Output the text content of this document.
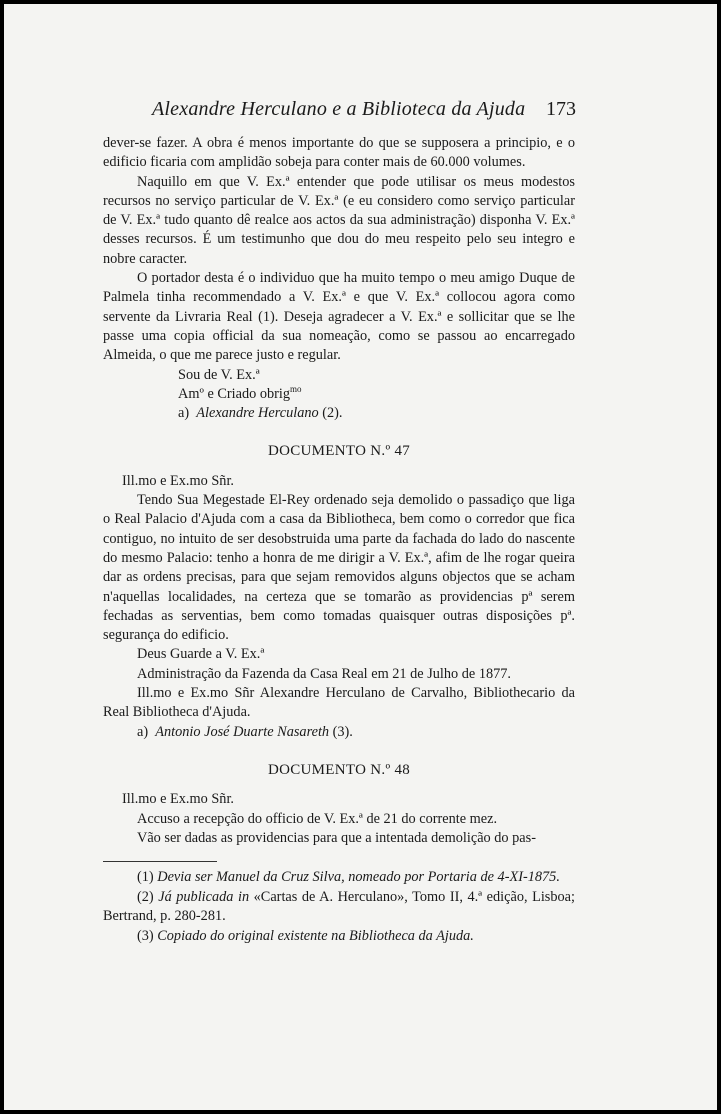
Alexandre Herculano e a Biblioteca da Ajuda 173

dever-se fazer. A obra é menos importante do que se supposera a principio, e o edificio ficaria com amplidão sobeja para conter mais de 60.000 volumes.

Naquillo em que V. Ex.ª entender que pode utilisar os meus modestos recursos no serviço particular de V. Ex.ª (e eu considero como serviço particular de V. Ex.ª tudo quanto dê realce aos actos da sua administração) disponha V. Ex.ª desses recursos. É um testimunho que dou do meu respeito pelo seu integro e nobre caracter.

O portador desta é o individuo que ha muito tempo o meu amigo Duque de Palmela tinha recommendado a V. Ex.ª e que V. Ex.ª collocou agora como servente da Livraria Real (1). Deseja agradecer a V. Ex.ª e sollicitar que se lhe passe uma copia official da sua nomeação, como se passou ao encarregado Almeida, o que me parece justo e regular.

Sou de V. Ex.ª

Amº e Criado obrig$^{mo}$

a) Alexandre Herculano (2).

DOCUMENTO N.º 47

Ill.mo e Ex.mo Sñr.

Tendo Sua Megestade El-Rey ordenado seja demolido o passadiço que liga o Real Palacio d'Ajuda com a casa da Bibliotheca, bem como o corredor que fica contiguo, no intuito de ser desobstruida uma parte da fachada do lado do nascente do mesmo Palacio: tenho a honra de me dirigir a V. Ex.ª, afim de lhe rogar queira dar as ordens precisas, para que sejam removidos alguns objectos que se acham n'aquellas localidades, na certeza que se tomarão as providencias pª serem fechadas as serventias, bem como tomadas quaisquer outras disposições pª. segurança do edificio.

Deus Guarde a V. Ex.ª

Administração da Fazenda da Casa Real em 21 de Julho de 1877.

Ill.mo e Ex.mo Sñr Alexandre Herculano de Carvalho, Bibliothecario da Real Bibliotheca d'Ajuda.

a) Antonio José Duarte Nasareth (3).

DOCUMENTO N.º 48

Ill.mo e Ex.mo Sñr.

Accuso a recepção do officio de V. Ex.ª de 21 do corrente mez.

Vão ser dadas as providencias para que a intentada demolição do pas-

(1) Devia ser Manuel da Cruz Silva, nomeado por Portaria de 4-XI-1875.

(2) Já publicada in «Cartas de A. Herculano», Tomo II, 4.ª edição, Lisboa; Bertrand, p. 280-281.

(3) Copiado do original existente na Bibliotheca da Ajuda.
